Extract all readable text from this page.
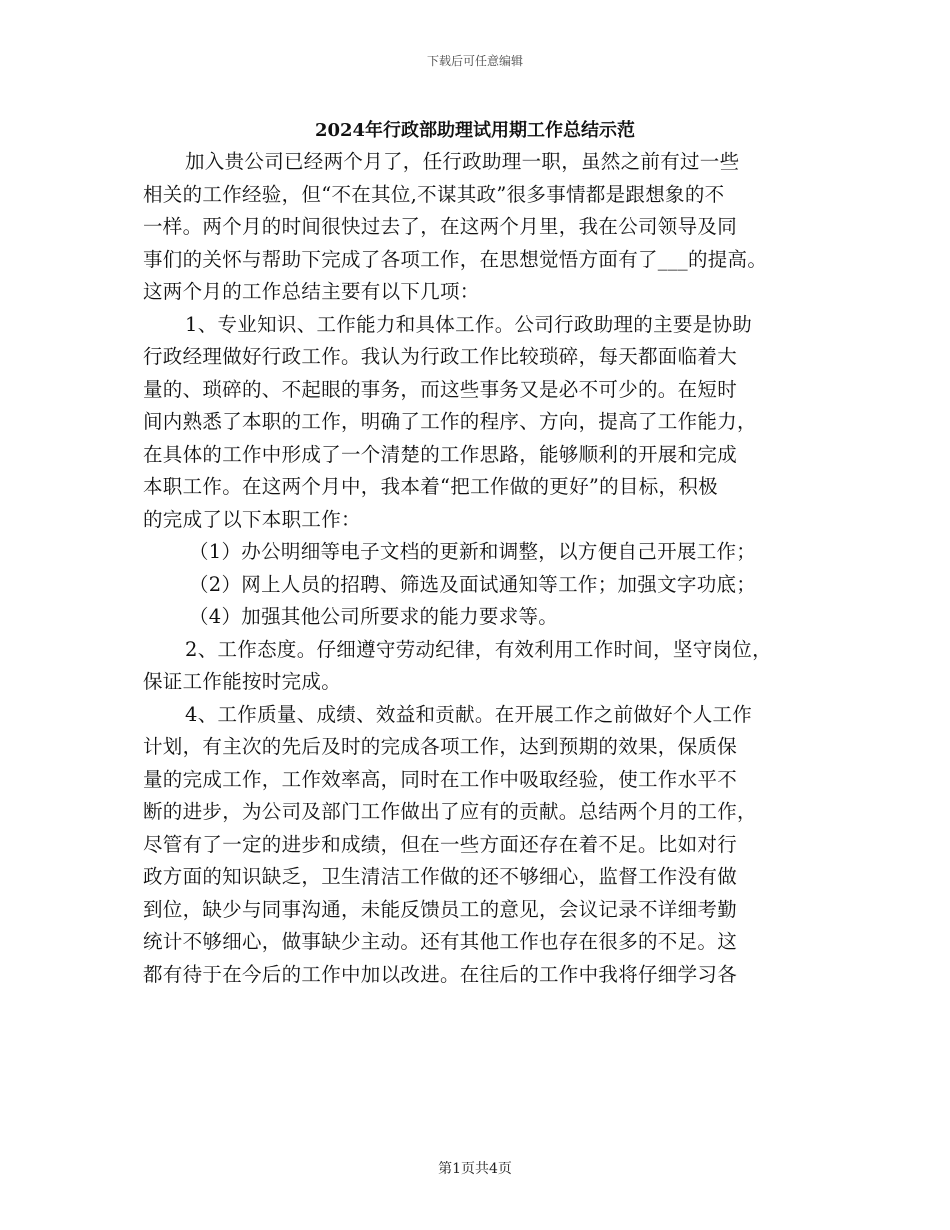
下载后可任意编辑
2024年行政部助理试用期工作总结示范
加入贵公司已经两个月了，任行政助理一职，虽然之前有过一些
相关的工作经验，但“不在其位,不谋其政”很多事情都是跟想象的不
一样。两个月的时间很快过去了，在这两个月里，我在公司领导及同
事们的关怀与帮助下完成了各项工作，在思想觉悟方面有了___的提高。
这两个月的工作总结主要有以下几项：
1、专业知识、工作能力和具体工作。公司行政助理的主要是协助
行政经理做好行政工作。我认为行政工作比较琐碎，每天都面临着大
量的、琐碎的、不起眼的事务，而这些事务又是必不可少的。在短时
间内熟悉了本职的工作，明确了工作的程序、方向，提高了工作能力，
在具体的工作中形成了一个清楚的工作思路，能够顺利的开展和完成
本职工作。在这两个月中，我本着“把工作做的更好”的目标，积极
的完成了以下本职工作：
（1）办公明细等电子文档的更新和调整，以方便自己开展工作；
（2）网上人员的招聘、筛选及面试通知等工作；加强文字功底；
（4）加强其他公司所要求的能力要求等。
2、工作态度。仔细遵守劳动纪律，有效利用工作时间，坚守岗位，
保证工作能按时完成。
4、工作质量、成绩、效益和贡献。在开展工作之前做好个人工作
计划，有主次的先后及时的完成各项工作，达到预期的效果，保质保
量的完成工作，工作效率高，同时在工作中吸取经验，使工作水平不
断的进步，为公司及部门工作做出了应有的贡献。总结两个月的工作，
尽管有了一定的进步和成绩，但在一些方面还存在着不足。比如对行
政方面的知识缺乏，卫生清洁工作做的还不够细心，监督工作没有做
到位，缺少与同事沟通，未能反馈员工的意见，会议记录不详细考勤
统计不够细心，做事缺少主动。还有其他工作也存在很多的不足。这
都有待于在今后的工作中加以改进。在往后的工作中我将仔细学习各
第1页共4页
